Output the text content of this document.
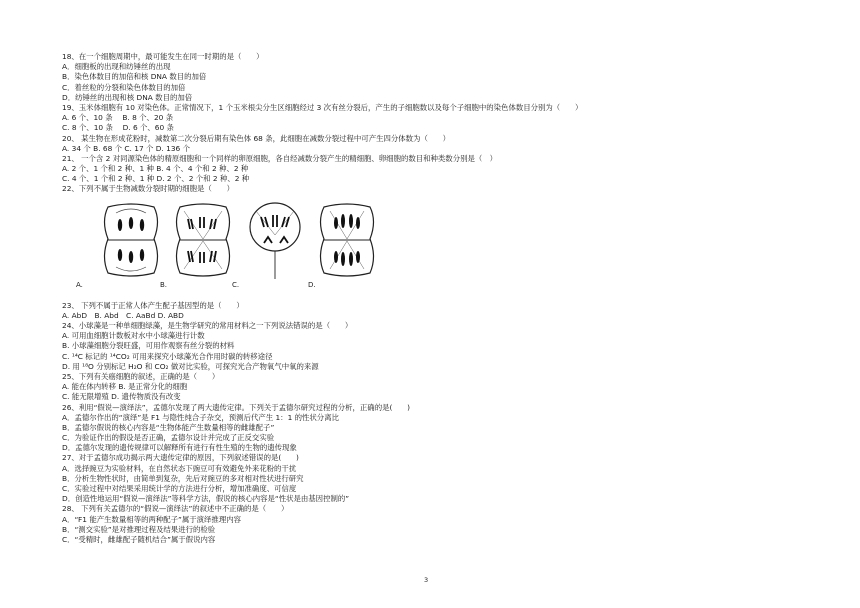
18、在一个细胞周期中，最可能发生在同一时期的是（　　）
A．细胞板的出现和纺锤丝的出现
B．染色体数目的加倍和核 DNA 数目的加倍
C．着丝粒的分裂和染色体数目的加倍
D．纺锤丝的出现和核 DNA 数目的加倍
19、玉米体细胞有 10 对染色体。正常情况下，1 个玉米根尖分生区细胞经过 3 次有丝分裂后，产生的子细胞数以及每个子细胞中的染色体数目分别为（　　）
A. 6 个、10 条　 B. 8 个、20 条
C. 8 个、10 条　 D. 6 个、60 条
20、 某生物在形成花粉时，减数第二次分裂后期有染色体 68 条，此细胞在减数分裂过程中可产生四分体数为（　　）
A. 34 个 B. 68 个 C. 17 个 D. 136 个
21、 一个含 2 对同源染色体的精原细胞和一个同样的卵原细胞，各自经减数分裂产生的精细胞、卵细胞的数目和种类数分别是（　）
A. 2 个、1 个和 2 种、1 种 B. 4 个、4 个和 2 种、2 种
C. 4 个、1 个和 2 种、1 种 D. 2 个、2 个和 2 种、2 种
22、下列不属于生物减数分裂时期的细胞是（　　）
A.	B.	C.	D.
23、 下列不属于正常人体产生配子基因型的是（　　）
A. AbD　B. Abd　C. AaBd D. ABD
24、小球藻是一种单细胞绿藻，是生物学研究的常用材料之一下列说法错误的是（　　）
A. 可用血细胞计数板对水中小球藻进行计数
B. 小球藻细胞分裂旺盛，可用作观察有丝分裂的材料
C. ¹⁴C 标记的 ¹⁴CO₂ 可用来探究小球藻光合作用时碳的转移途径
D. 用 ¹⁸O 分别标记 H₂O 和 CO₂ 做对比实验，可探究光合产物氧气中氧的来源
25、下列有关癌细胞的叙述，正确的是（　　）
A. 能在体内转移 B. 是正常分化的细胞
C. 能无限增殖 D. 遗传物质没有改变
26、利用“假说—演绎法”，孟德尔发现了两大遗传定律。下列关于孟德尔研究过程的分析，正确的是(　　)
A．孟德尔作出的“演绎”是 F1 与隐性纯合子杂交，预测后代产生 1：1 的性状分离比
B．孟德尔假说的核心内容是“生物体能产生数量相等的雌雄配子”
C．为验证作出的假设是否正确，孟德尔设计并完成了正反交实验
D．孟德尔发现的遗传规律可以解释所有进行有性生殖的生物的遗传现象
27、对于孟德尔成功揭示两大遗传定律的原因，下列叙述错误的是(　　)
A．选择豌豆为实验材料，在自然状态下豌豆可有效避免外来花粉的干扰
B．分析生物性状时，由简单到复杂，先后对豌豆的多对相对性状进行研究
C．实验过程中对结果采用统计学的方法进行分析，增加准确度、可信度
D．创造性地运用“假说—演绎法”等科学方法，假说的核心内容是“性状是由基因控制的”
28、 下列有关孟德尔的“假说—演绎法”的叙述中不正确的是（　　）
A．“F1 能产生数量相等的两种配子”属于演绎推理内容
B．“测交实验”是对推理过程及结果进行的检验
C．“受精时，雌雄配子随机结合”属于假说内容
3
